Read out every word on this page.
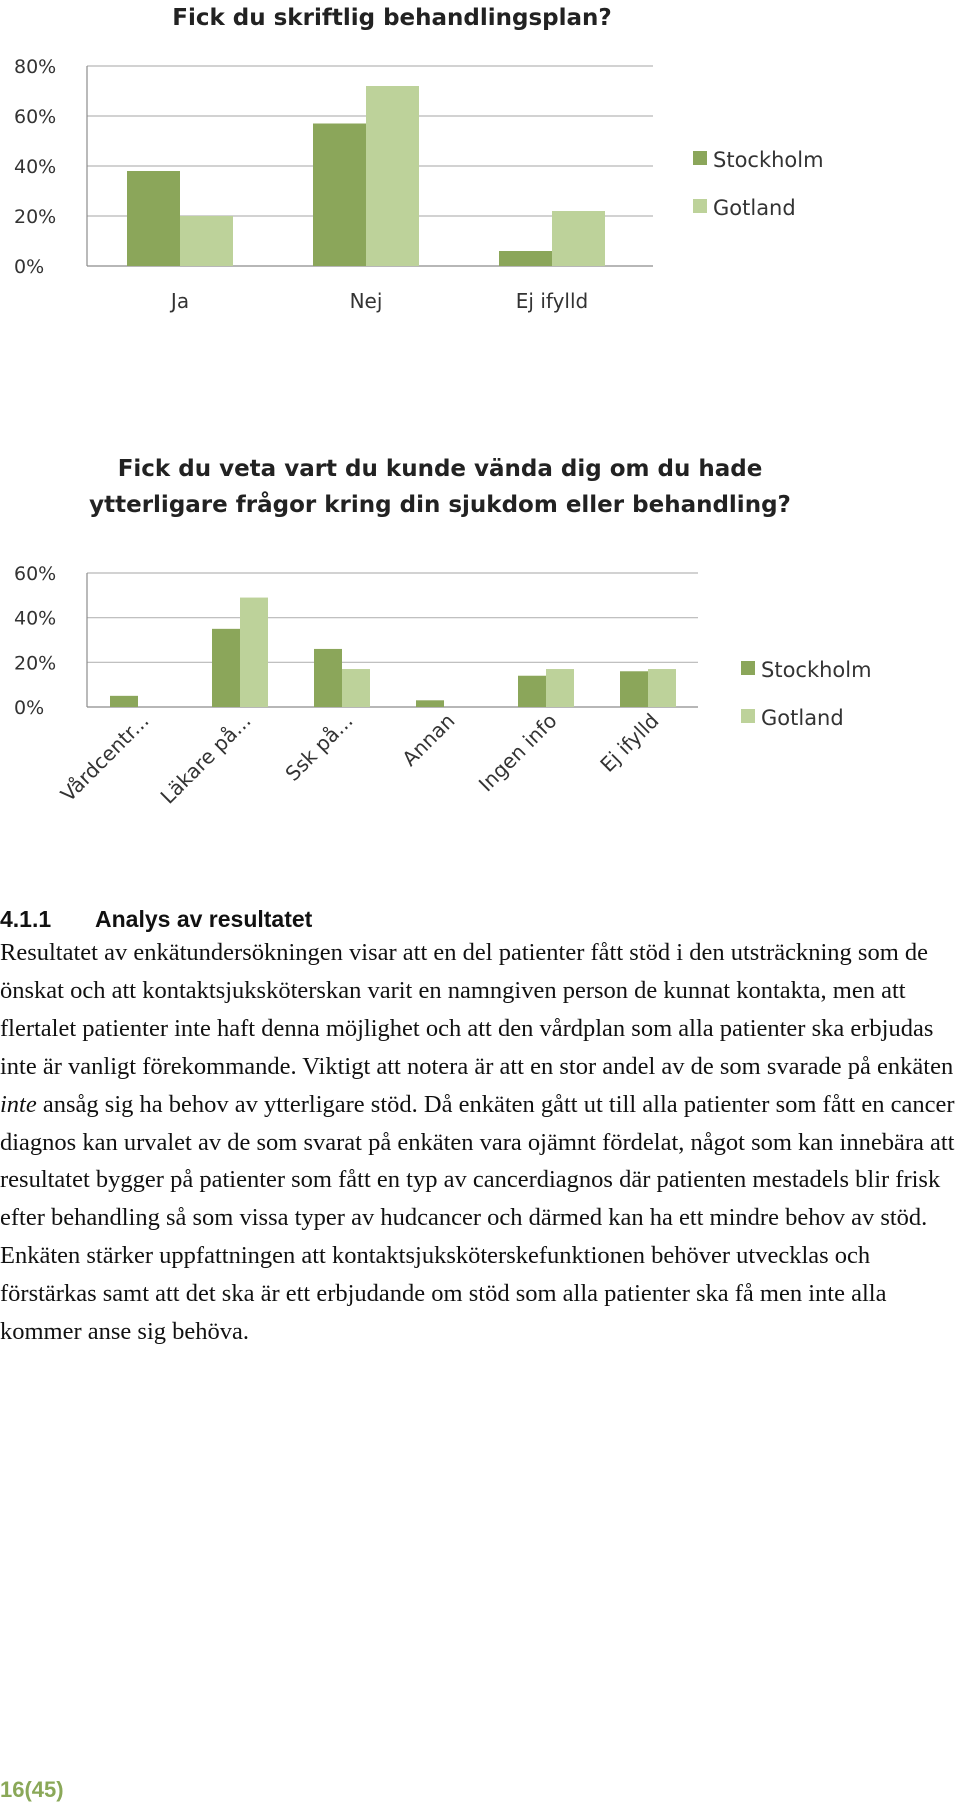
Fick du skriftlig behandlingsplan?
0%
20%
40%
60%
80%
Ja	Nej	Ej ifylld
Stockholm
Gotland
Fick du veta vart du kunde vända dig om du hade
ytterligare frågor kring din sjukdom eller behandling?
0%
20%
40%
60%
Vårdcentr... Läkare på... Ssk på... Annan Ingen info Ej ifylld
Stockholm
Gotland

4.1.1 Analys av resultatet

Resultatet av enkätundersökningen visar att en del patienter fått stöd i den utsträckning som de önskat och att kontaktsjuksköterskan varit en namngiven person de kunnat kontakta, men att flertalet patienter inte haft denna möjlighet och att den vårdplan som alla patienter ska erbjudas inte är vanligt förekommande. Viktigt att notera är att en stor andel av de som svarade på enkäten inte ansåg sig ha behov av ytterligare stöd. Då enkäten gått ut till alla patienter som fått en cancer diagnos kan urvalet av de som svarat på enkäten vara ojämnt fördelat, något som kan innebära att resultatet bygger på patienter som fått en typ av cancerdiagnos där patienten mestadels blir frisk efter behandling så som vissa typer av hudcancer och därmed kan ha ett mindre behov av stöd.

Enkäten stärker uppfattningen att kontaktsjuksköterskefunktionen behöver utvecklas och förstärkas samt att det ska är ett erbjudande om stöd som alla patienter ska få men inte alla kommer anse sig behöva.

16(45)
